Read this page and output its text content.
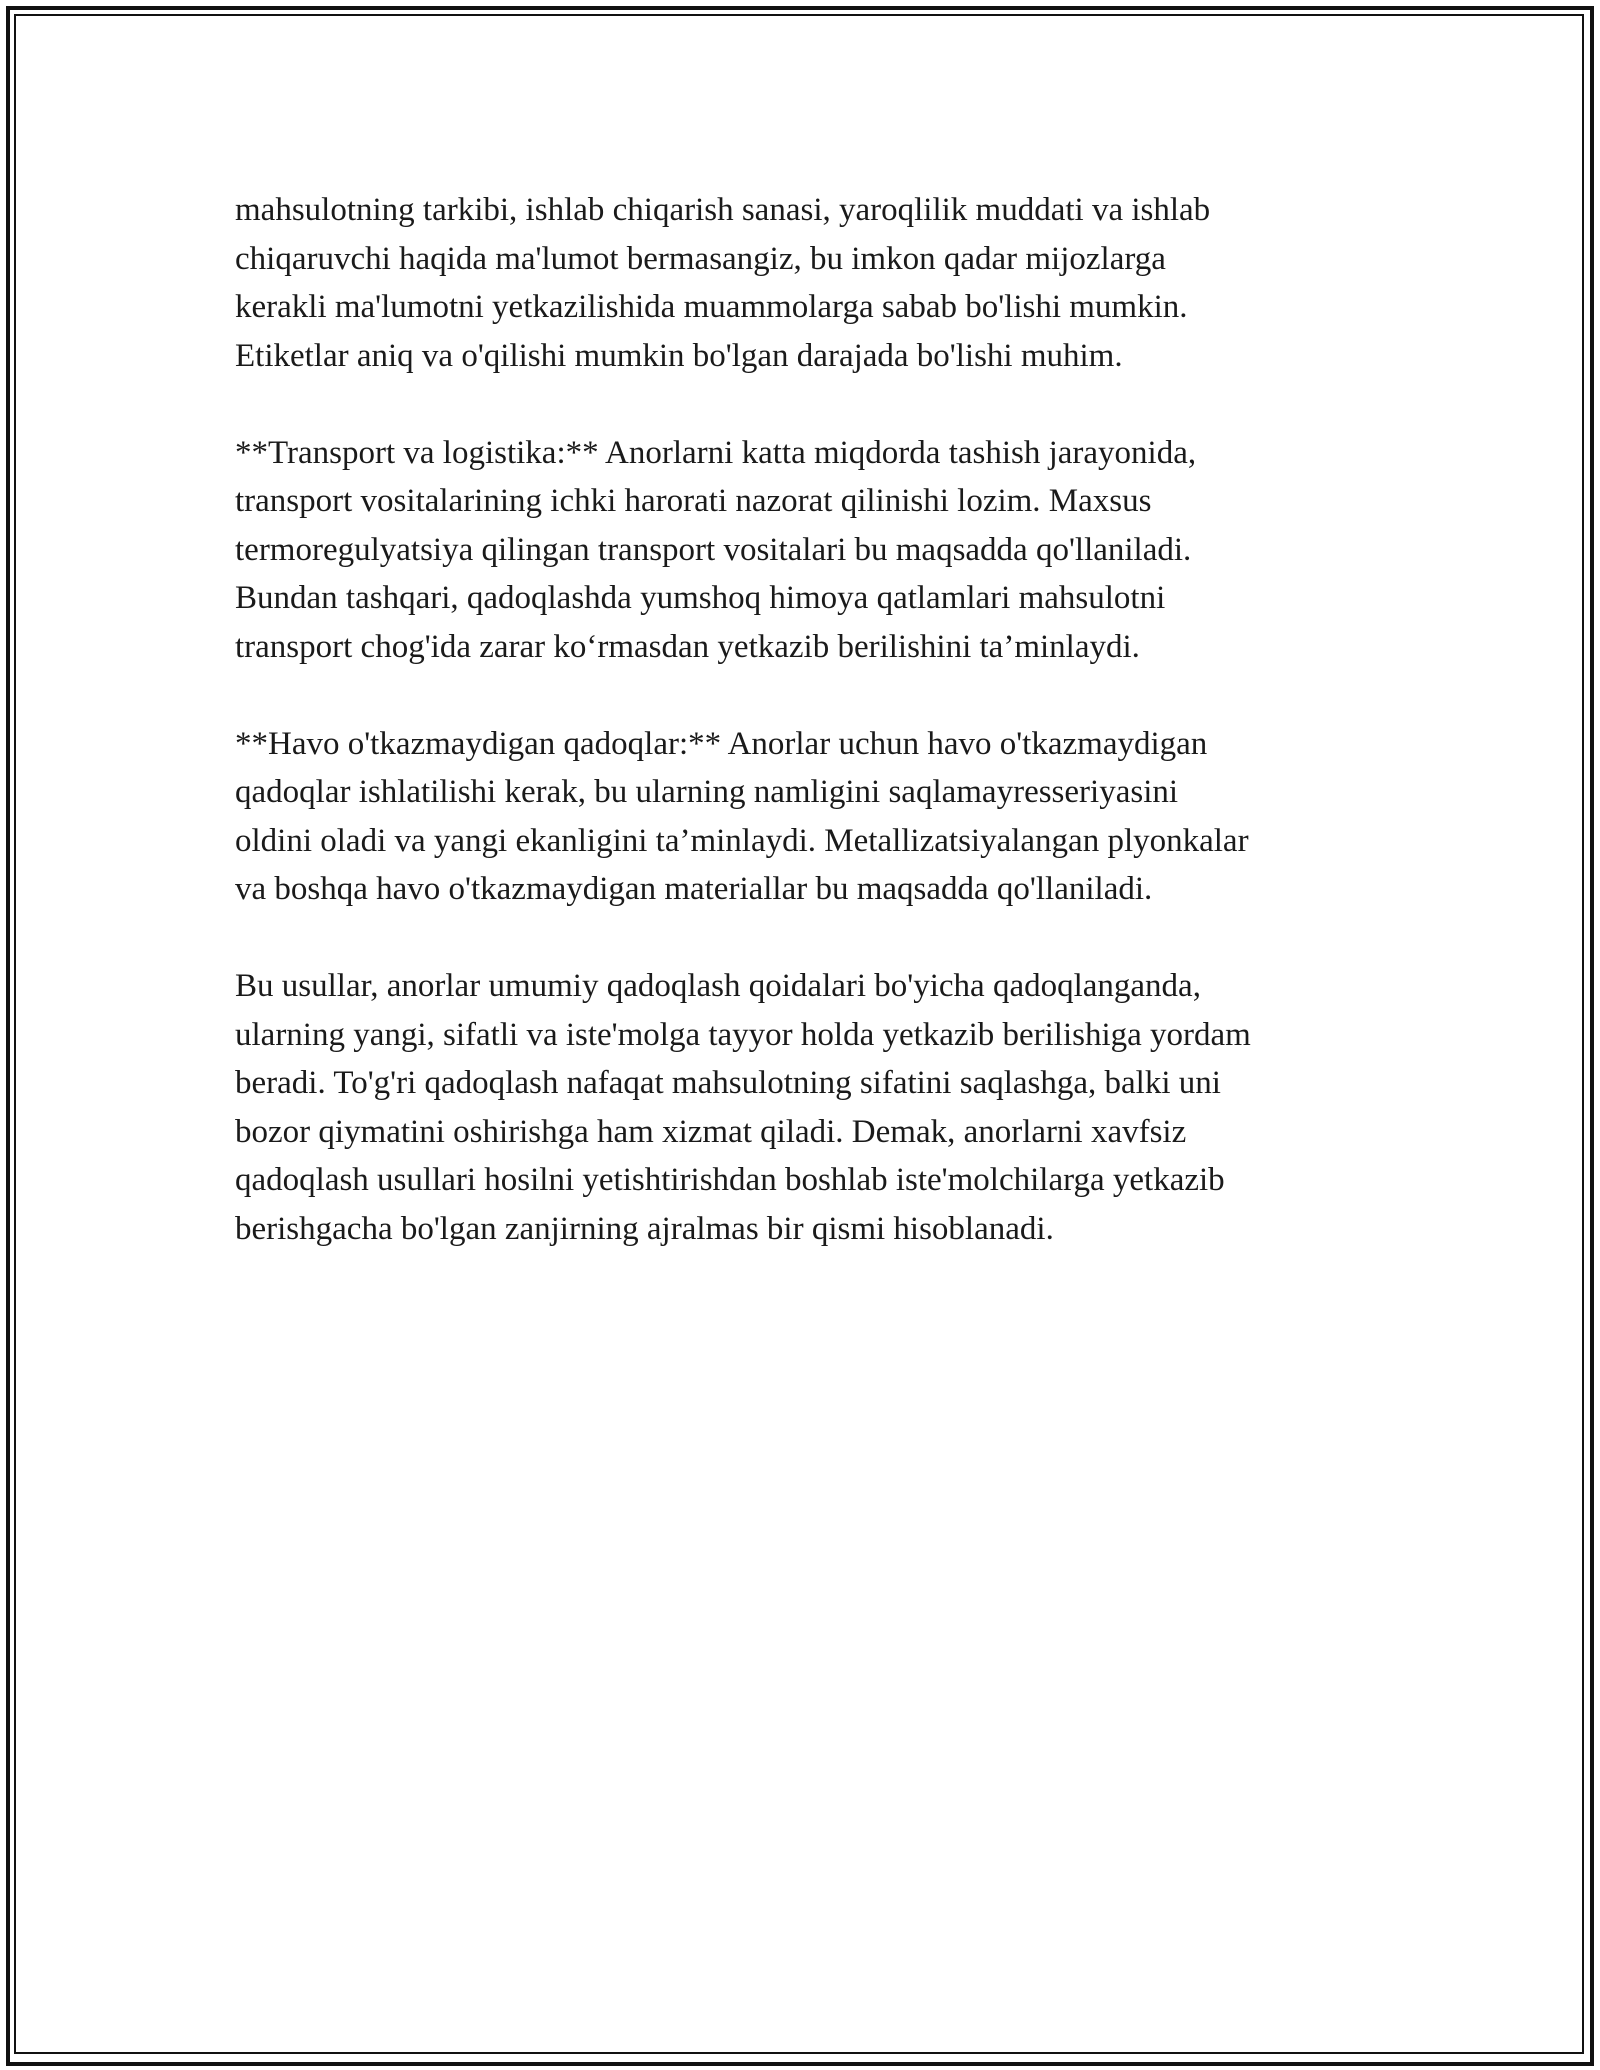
mahsulotning tarkibi, ishlab chiqarish sanasi, yaroqlilik muddati va ishlab
chiqaruvchi haqida ma'lumot bermasangiz, bu imkon qadar mijozlarga
kerakli ma'lumotni yetkazilishida muammolarga sabab bo'lishi mumkin.
Etiketlar aniq va o'qilishi mumkin bo'lgan darajada bo'lishi muhim.

**Transport va logistika:** Anorlarni katta miqdorda tashish jarayonida,
transport vositalarining ichki harorati nazorat qilinishi lozim. Maxsus
termoregulyatsiya qilingan transport vositalari bu maqsadda qo'llaniladi.
Bundan tashqari, qadoqlashda yumshoq himoya qatlamlari mahsulotni
transport chog'ida zarar ko‘rmasdan yetkazib berilishini ta’minlaydi.

**Havo o'tkazmaydigan qadoqlar:** Anorlar uchun havo o'tkazmaydigan
qadoqlar ishlatilishi kerak, bu ularning namligini saqlamayresseriyasini
oldini oladi va yangi ekanligini ta’minlaydi. Metallizatsiyalangan plyonkalar
va boshqa havo o'tkazmaydigan materiallar bu maqsadda qo'llaniladi.

Bu usullar, anorlar umumiy qadoqlash qoidalari bo'yicha qadoqlanganda,
ularning yangi, sifatli va iste'molga tayyor holda yetkazib berilishiga yordam
beradi. To'g'ri qadoqlash nafaqat mahsulotning sifatini saqlashga, balki uni
bozor qiymatini oshirishga ham xizmat qiladi. Demak, anorlarni xavfsiz
qadoqlash usullari hosilni yetishtirishdan boshlab iste'molchilarga yetkazib
berishgacha bo'lgan zanjirning ajralmas bir qismi hisoblanadi.
